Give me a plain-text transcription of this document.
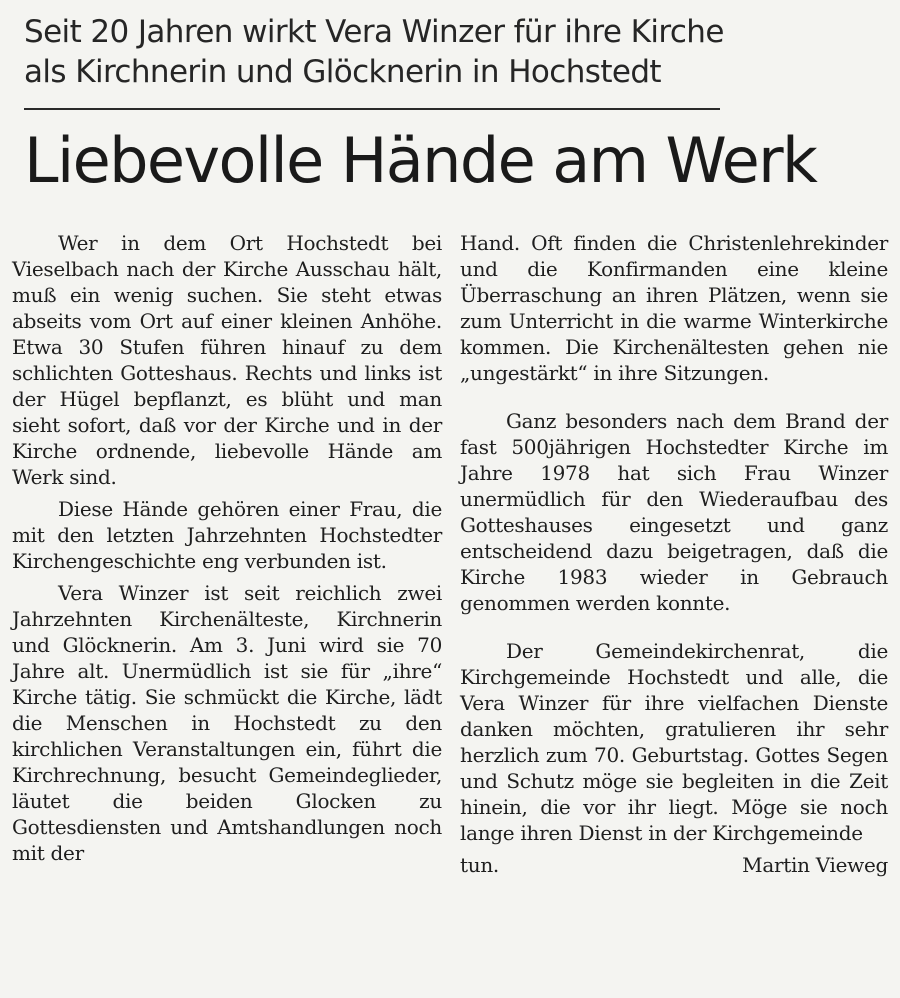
Seit 20 Jahren wirkt Vera Winzer für ihre Kirche
als Kirchnerin und Glöcknerin in Hochstedt
Liebevolle Hände am Werk

Wer in dem Ort Hochstedt bei Vieselbach nach der Kirche Ausschau hält, muß ein wenig suchen. Sie steht etwas abseits vom Ort auf einer kleinen Anhöhe. Etwa 30 Stufen führen hinauf zu dem schlichten Gotteshaus. Rechts und links ist der Hügel bepflanzt, es blüht und man sieht sofort, daß vor der Kirche und in der Kirche ordnende, liebevolle Hände am Werk sind.

Diese Hände gehören einer Frau, die mit den letzten Jahrzehnten Hochstedter Kirchengeschichte eng verbunden ist.

Vera Winzer ist seit reichlich zwei Jahrzehnten Kirchenälteste, Kirchnerin und Glöcknerin. Am 3. Juni wird sie 70 Jahre alt. Unermüdlich ist sie für „ihre“ Kirche tätig. Sie schmückt die Kirche, lädt die Menschen in Hochstedt zu den kirchlichen Veranstaltungen ein, führt die Kirchrechnung, besucht Gemeindeglieder, läutet die beiden Glocken zu Gottesdiensten und Amtshandlungen noch mit der

Hand. Oft finden die Christenlehrekinder und die Konfirmanden eine kleine Überraschung an ihren Plätzen, wenn sie zum Unterricht in die warme Winterkirche kommen. Die Kirchenältesten gehen nie „ungestärkt“ in ihre Sitzungen.

Ganz besonders nach dem Brand der fast 500jährigen Hochstedter Kirche im Jahre 1978 hat sich Frau Winzer unermüdlich für den Wiederaufbau des Gotteshauses eingesetzt und ganz entscheidend dazu beigetragen, daß die Kirche 1983 wieder in Gebrauch genommen werden konnte.

Der Gemeindekirchenrat, die Kirchgemeinde Hochstedt und alle, die Vera Winzer für ihre vielfachen Dienste danken möchten, gratulieren ihr sehr herzlich zum 70. Geburtstag. Gottes Segen und Schutz möge sie begleiten in die Zeit hinein, die vor ihr liegt. Möge sie noch lange ihren Dienst in der Kirchgemeinde

tun.	Martin Vieweg
